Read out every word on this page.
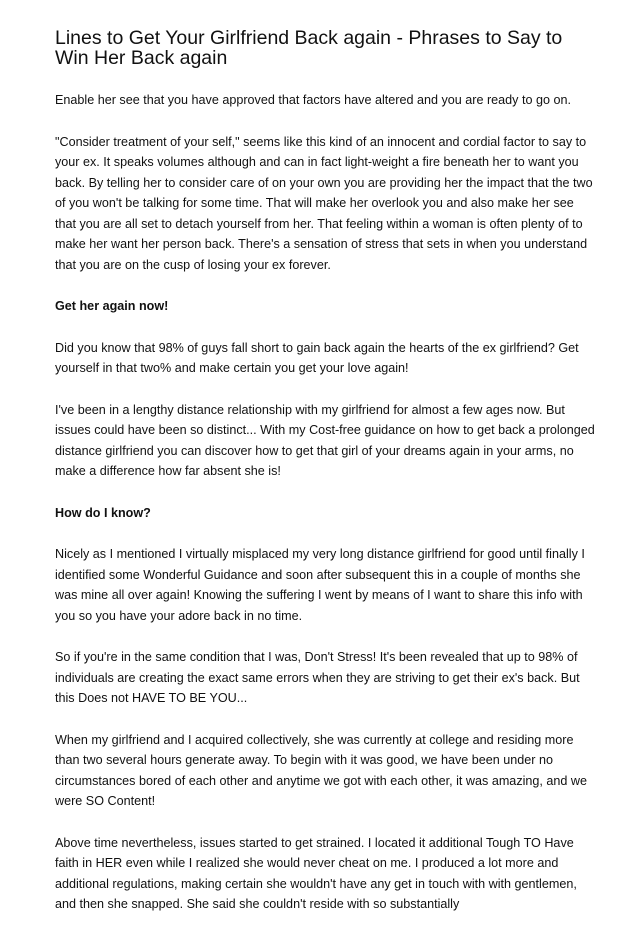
Lines to Get Your Girlfriend Back again - Phrases to Say to Win Her Back again

Enable her see that you have approved that factors have altered and you are ready to go on.

"Consider treatment of your self," seems like this kind of an innocent and cordial factor to say to your ex. It speaks volumes although and can in fact light-weight a fire beneath her to want you back. By telling her to consider care of on your own you are providing her the impact that the two of you won't be talking for some time. That will make her overlook you and also make her see that you are all set to detach yourself from her. That feeling within a woman is often plenty of to make her want her person back. There's a sensation of stress that sets in when you understand that you are on the cusp of losing your ex forever.

Get her again now!

Did you know that 98% of guys fall short to gain back again the hearts of the ex girlfriend? Get yourself in that two% and make certain you get your love again!

I've been in a lengthy distance relationship with my girlfriend for almost a few ages now. But issues could have been so distinct... With my Cost-free guidance on how to get back a prolonged distance girlfriend you can discover how to get that girl of your dreams again in your arms, no make a difference how far absent she is!

How do I know?

Nicely as I mentioned I virtually misplaced my very long distance girlfriend for good until finally I identified some Wonderful Guidance and soon after subsequent this in a couple of months she was mine all over again! Knowing the suffering I went by means of I want to share this info with you so you have your adore back in no time.

So if you're in the same condition that I was, Don't Stress! It's been revealed that up to 98% of individuals are creating the exact same errors when they are striving to get their ex's back. But this Does not HAVE TO BE YOU...

When my girlfriend and I acquired collectively, she was currently at college and residing more than two several hours generate away. To begin with it was good, we have been under no circumstances bored of each other and anytime we got with each other, it was amazing, and we were SO Content!

Above time nevertheless, issues started to get strained. I located it additional Tough TO Have faith in HER even while I realized she would never cheat on me. I produced a lot more and additional regulations, making certain she wouldn't have any get in touch with with gentlemen, and then she snapped. She said she couldn't reside with so substantially
